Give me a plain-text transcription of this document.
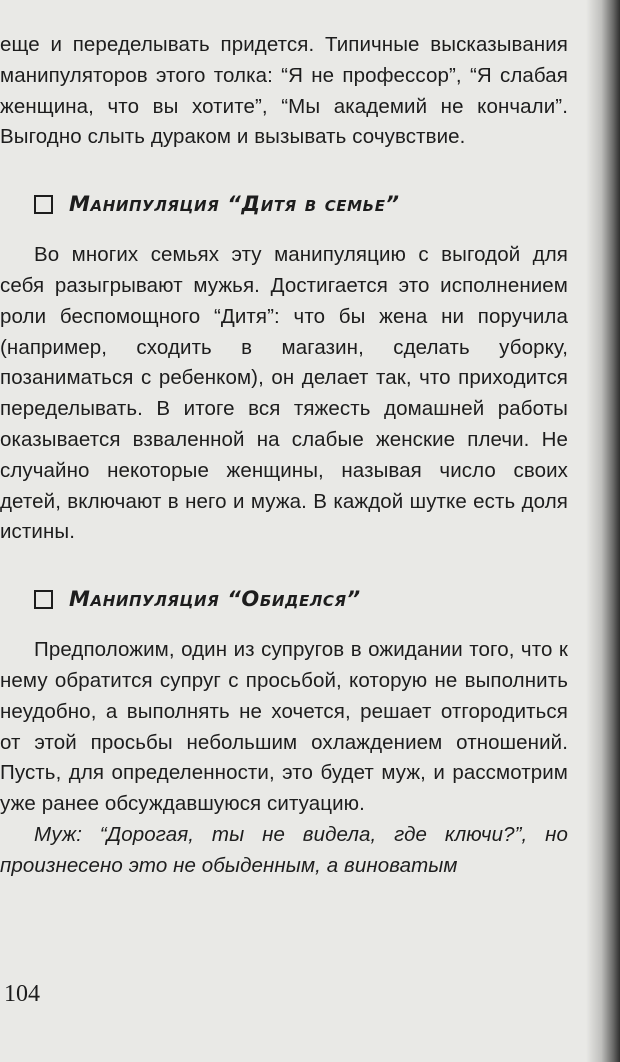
еще и переделывать придется. Типичные высказывания манипуляторов этого толка: “Я не профессор”, “Я слабая женщина, что вы хотите”, “Мы академий не кончали”. Выгодно слыть дураком и вызывать сочувствие.

Манипуляция “Дитя в семье”

Во многих семьях эту манипуляцию с выгодой для себя разыгрывают мужья. Достигается это исполнением роли беспомощного “Дитя”: что бы жена ни поручила (например, сходить в магазин, сделать уборку, позаниматься с ребенком), он делает так, что приходится переделывать. В итоге вся тяжесть домашней работы оказывается взваленной на слабые женские плечи. Не случайно некоторые женщины, называя число своих детей, включают в него и мужа. В каждой шутке есть доля истины.

Манипуляция “Обиделся”

Предположим, один из супругов в ожидании того, что к нему обратится супруг с просьбой, которую не выполнить неудобно, а выполнять не хочется, решает отгородиться от этой просьбы небольшим охлаждением отношений. Пусть, для определенности, это будет муж, и рассмотрим уже ранее обсуждавшуюся ситуацию.

Муж: “Дорогая, ты не видела, где ключи?”, но произнесено это не обыденным, а виноватым

104
